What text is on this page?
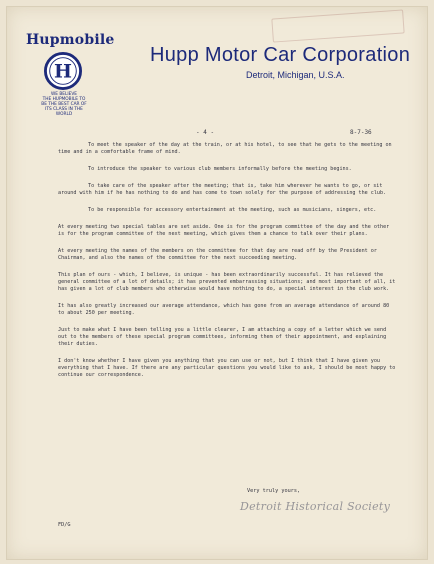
Hupmobile
H
WE BELIEVE
THE HUPMOBILE TO
BE THE BEST CAR OF
ITS CLASS IN THE
WORLD
Hupp Motor Car Corporation
Detroit, Michigan, U.S.A.
- 4 -	8-7-36

To meet the speaker of the day at the train, or at his hotel, to see that he gets to the meeting on time and in a comfortable frame of mind.

To introduce the speaker to various club members informally before the meeting begins.

To take care of the speaker after the meeting; that is, take him wherever he wants to go, or sit around with him if he has nothing to do and has come to town solely for the purpose of addressing the club.

To be responsible for accessory entertainment at the meeting, such as musicians, singers, etc.

At every meeting two special tables are set aside. One is for the program committee of the day and the other is for the program committee of the next meeting, which gives them a chance to talk over their plans.

At every meeting the names of the members on the committee for that day are read off by the President or Chairman, and also the names of the committee for the next succeeding meeting.

This plan of ours - which, I believe, is unique - has been extraordinarily successful. It has relieved the general committee of a lot of details; it has prevented embarrassing situations; and most important of all, it has given a lot of club members who otherwise would have nothing to do, a special interest in the club work.

It has also greatly increased our average attendance, which has gone from an average attendance of around 80 to about 250 per meeting.

Just to make what I have been telling you a little clearer, I am attaching a copy of a letter which we send out to the members of these special program committees, informing them of their appointment, and explaining their duties.

I don't know whether I have given you anything that you can use or not, but I think that I have given you everything that I have. If there are any particular questions you would like to ask, I should be most happy to continue our correspondence.

Very truly yours,
FD/G
Detroit Historical Society
